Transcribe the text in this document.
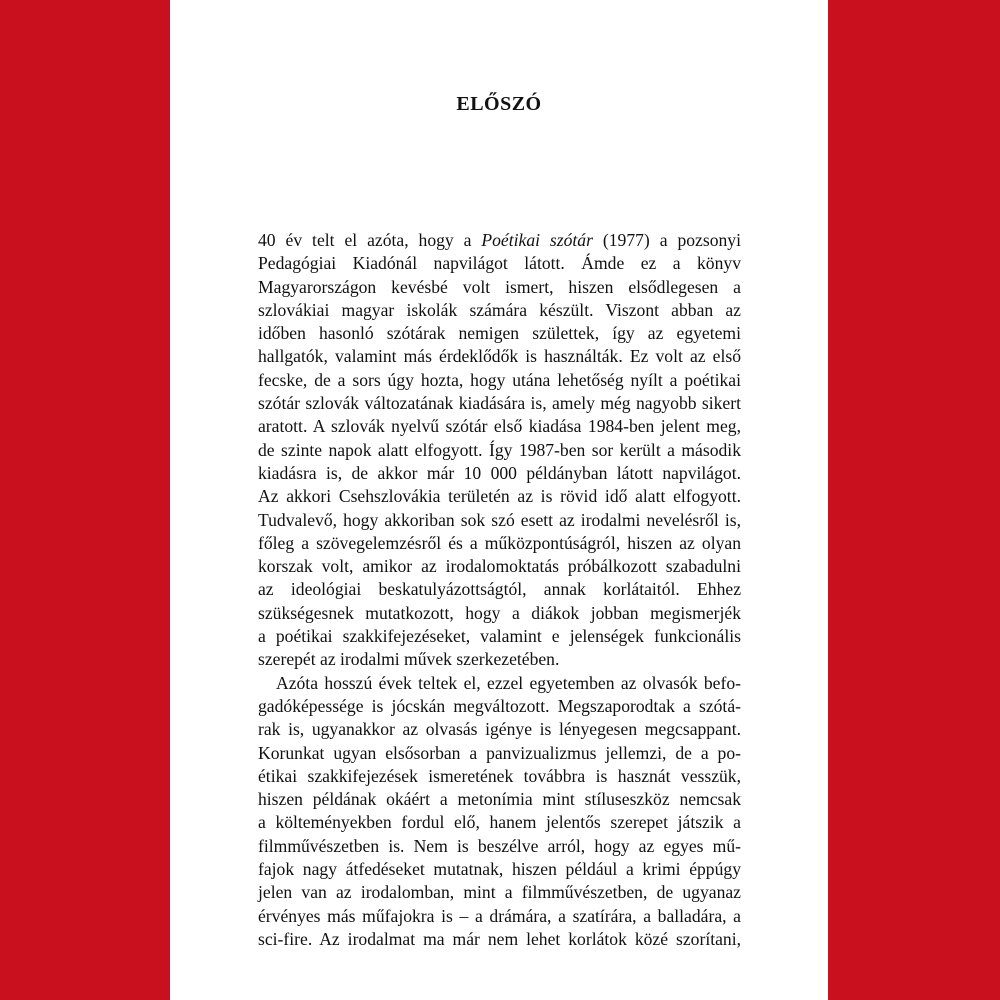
ELŐSZÓ
40 év telt el azóta, hogy a Poétikai szótár (1977) a pozsonyi
Pedagógiai Kiadónál napvilágot látott. Ámde ez a könyv
Magyarországon kevésbé volt ismert, hiszen elsődlegesen a
szlovákiai magyar iskolák számára készült. Viszont abban az
időben hasonló szótárak nemigen születtek, így az egyetemi
hallgatók, valamint más érdeklődők is használták. Ez volt az első
fecske, de a sors úgy hozta, hogy utána lehetőség nyílt a poétikai
szótár szlovák változatának kiadására is, amely még nagyobb sikert
aratott. A szlovák nyelvű szótár első kiadása 1984-ben jelent meg,
de szinte napok alatt elfogyott. Így 1987-ben sor került a második
kiadásra is, de akkor már 10 000 példányban látott napvilágot.
Az akkori Csehszlovákia területén az is rövid idő alatt elfogyott.
Tudvalevő, hogy akkoriban sok szó esett az irodalmi nevelésről is,
főleg a szövegelemzésről és a műközpontúságról, hiszen az olyan
korszak volt, amikor az irodalomoktatás próbálkozott szabadulni
az ideológiai beskatulyázottságtól, annak korlátaitól. Ehhez
szükségesnek mutatkozott, hogy a diákok jobban megismerjék
a poétikai szakkifejezéseket, valamint e jelenségek funkcionális
szerepét az irodalmi művek szerkezetében.
Azóta hosszú évek teltek el, ezzel egyetemben az olvasók befo-
gadóképessége is jócskán megváltozott. Megszaporodtak a szótá-
rak is, ugyanakkor az olvasás igénye is lényegesen megcsappant.
Korunkat ugyan elsősorban a panvizualizmus jellemzi, de a po-
étikai szakkifejezések ismeretének továbbra is hasznát vesszük,
hiszen példának okáért a metonímia mint stíluseszköz nemcsak
a költeményekben fordul elő, hanem jelentős szerepet játszik a
filmművészetben is. Nem is beszélve arról, hogy az egyes mű-
fajok nagy átfedéseket mutatnak, hiszen például a krimi éppúgy
jelen van az irodalomban, mint a filmművészetben, de ugyanaz
érvényes más műfajokra is – a drámára, a szatírára, a balladára, a
sci-fire. Az irodalmat ma már nem lehet korlátok közé szorítani,
